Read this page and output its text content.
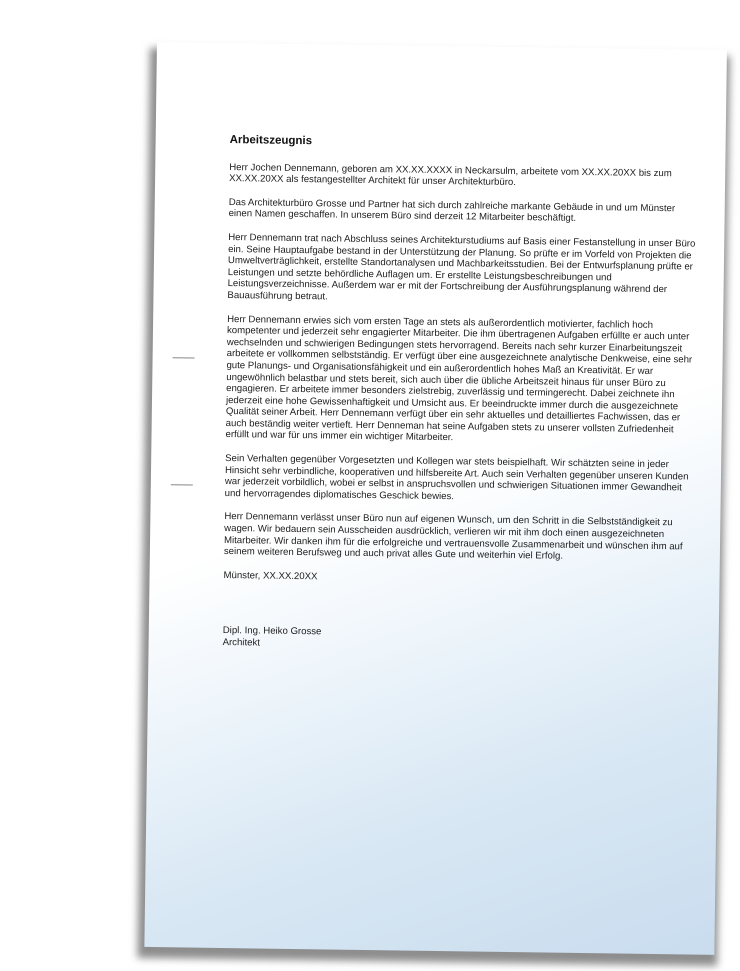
Arbeitszeugnis

Herr Jochen Dennemann, geboren am XX.XX.XXXX in Neckarsulm, arbeitete vom XX.XX.20XX bis zum XX.XX.20XX als festangestellter Architekt für unser Architekturbüro.

Das Architekturbüro Grosse und Partner hat sich durch zahlreiche markante Gebäude in und um Münster einen Namen geschaffen. In unserem Büro sind derzeit 12 Mitarbeiter beschäftigt.

Herr Dennemann trat nach Abschluss seines Architekturstudiums auf Basis einer Festanstellung in unser Büro ein. Seine Hauptaufgabe bestand in der Unterstützung der Planung. So prüfte er im Vorfeld von Projekten die Umweltverträglichkeit, erstellte Standortanalysen und Machbarkeitsstudien. Bei der Entwurfsplanung prüfte er Leistungen und setzte behördliche Auflagen um. Er erstellte Leistungsbeschreibungen und Leistungsverzeichnisse. Außerdem war er mit der Fortschreibung der Ausführungsplanung während der Bauausführung betraut.

Herr Dennemann erwies sich vom ersten Tage an stets als außerordentlich motivierter, fachlich hoch kompetenter und jederzeit sehr engagierter Mitarbeiter. Die ihm übertragenen Aufgaben erfüllte er auch unter wechselnden und schwierigen Bedingungen stets hervorragend. Bereits nach sehr kurzer Einarbeitungszeit arbeitete er vollkommen selbstständig. Er verfügt über eine ausgezeichnete analytische Denkweise, eine sehr gute Planungs- und Organisationsfähigkeit und ein außerordentlich hohes Maß an Kreativität. Er war ungewöhnlich belastbar und stets bereit, sich auch über die übliche Arbeitszeit hinaus für unser Büro zu engagieren. Er arbeitete immer besonders zielstrebig, zuverlässig und termingerecht. Dabei zeichnete ihn jederzeit eine hohe Gewissenhaftigkeit und Umsicht aus. Er beeindruckte immer durch die ausgezeichnete Qualität seiner Arbeit. Herr Dennemann verfügt über ein sehr aktuelles und detailliertes Fachwissen, das er auch beständig weiter vertieft. Herr Denneman hat seine Aufgaben stets zu unserer vollsten Zufriedenheit erfüllt und war für uns immer ein wichtiger Mitarbeiter.

Sein Verhalten gegenüber Vorgesetzten und Kollegen war stets beispielhaft. Wir schätzten seine in jeder Hinsicht sehr verbindliche, kooperativen und hilfsbereite Art. Auch sein Verhalten gegenüber unseren Kunden war jederzeit vorbildlich, wobei er selbst in anspruchsvollen und schwierigen Situationen immer Gewandheit und hervorragendes diplomatisches Geschick bewies.

Herr Dennemann verlässt unser Büro nun auf eigenen Wunsch, um den Schritt in die Selbstständigkeit zu wagen. Wir bedauern sein Ausscheiden ausdrücklich, verlieren wir mit ihm doch einen ausgezeichneten Mitarbeiter. Wir danken ihm für die erfolgreiche und vertrauensvolle Zusammenarbeit und wünschen ihm auf seinem weiteren Berufsweg und auch privat alles Gute und weiterhin viel Erfolg.

Münster, XX.XX.20XX

Dipl. Ing. Heiko Grosse

Architekt
